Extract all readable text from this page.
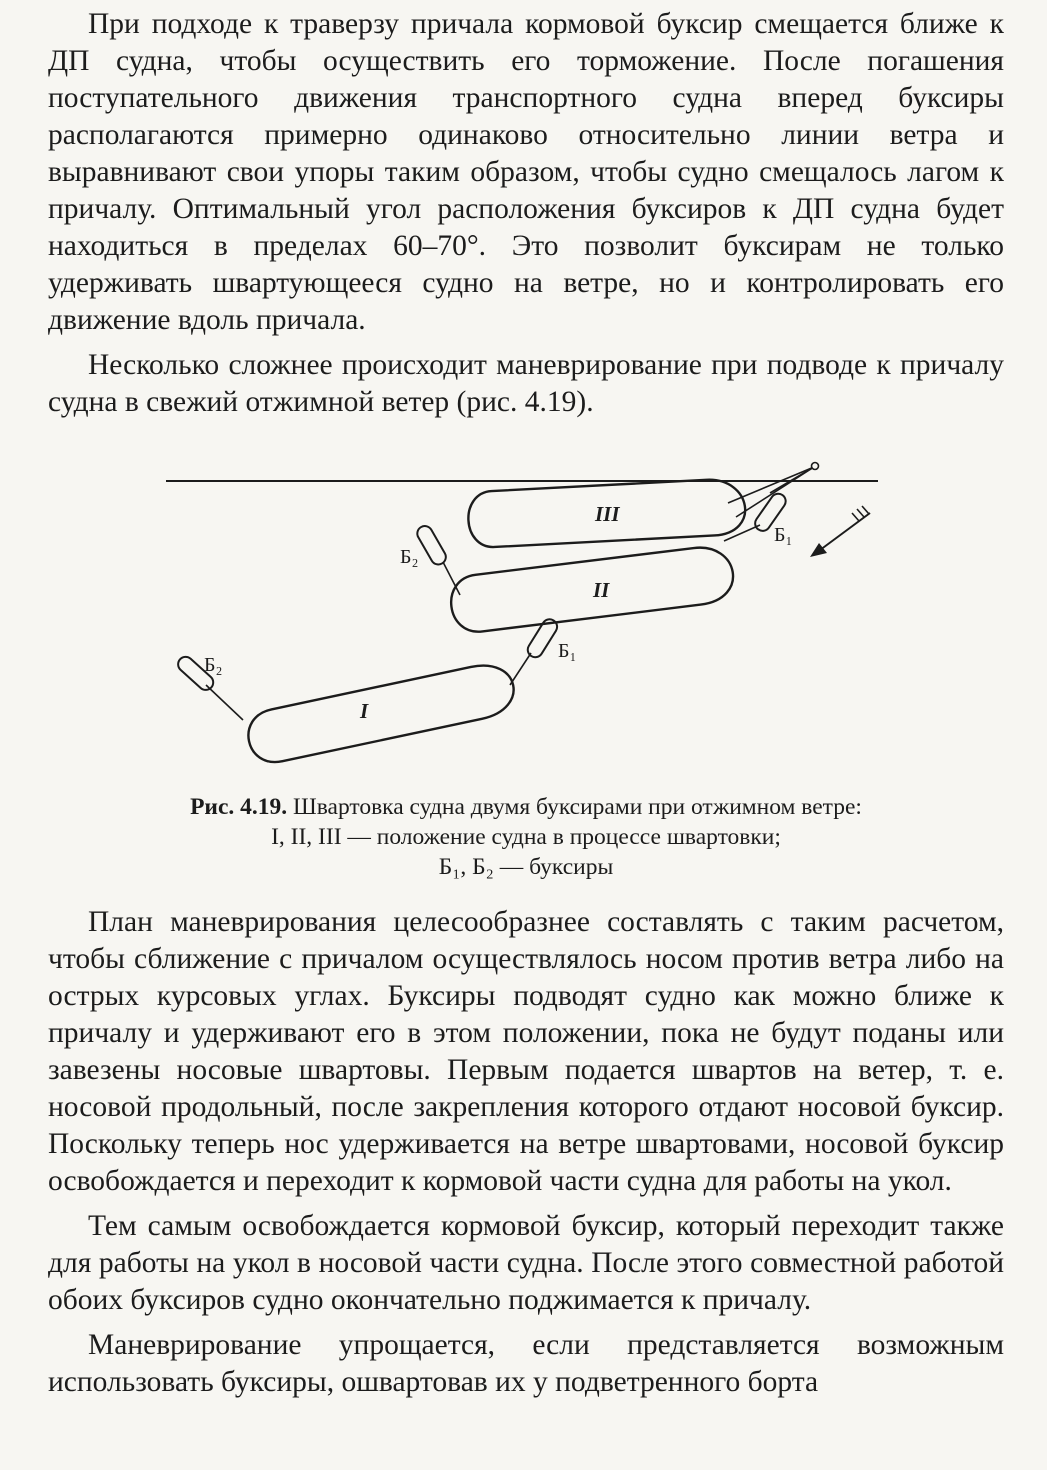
При подходе к траверзу причала кормовой буксир смещается ближе к ДП судна, чтобы осуществить его торможение. После погашения поступательного движения транспортного судна вперед буксиры располагаются примерно одинаково относительно линии ветра и выравнивают свои упоры таким образом, чтобы судно смещалось лагом к причалу. Оптимальный угол расположения буксиров к ДП судна будет находиться в пределах 60–70°. Это позволит буксирам не только удерживать швартующееся судно на ветре, но и контролировать его движение вдоль причала.

Несколько сложнее происходит маневрирование при подводе к причалу судна в свежий отжимной ветер (рис. 4.19).

III
II
I
Б₁
Б₂
Б₁
Б₂
Рис. 4.19. Швартовка судна двумя буксирами при отжимном ветре:
I, II, III — положение судна в процессе швартовки;
Б₁, Б₂ — буксиры

План маневрирования целесообразнее составлять с таким расчетом, чтобы сближение с причалом осуществлялось носом против ветра либо на острых курсовых углах. Буксиры подводят судно как можно ближе к причалу и удерживают его в этом положении, пока не будут поданы или завезены носовые швартовы. Первым подается швартов на ветер, т. е. носовой продольный, после закрепления которого отдают носовой буксир. Поскольку теперь нос удерживается на ветре швартовами, носовой буксир освобождается и переходит к кормовой части судна для работы на укол.

Тем самым освобождается кормовой буксир, который переходит также для работы на укол в носовой части судна. После этого совместной работой обоих буксиров судно окончательно поджимается к причалу.

Маневрирование упрощается, если представляется возможным использовать буксиры, ошвартовав их у подветренного борта
